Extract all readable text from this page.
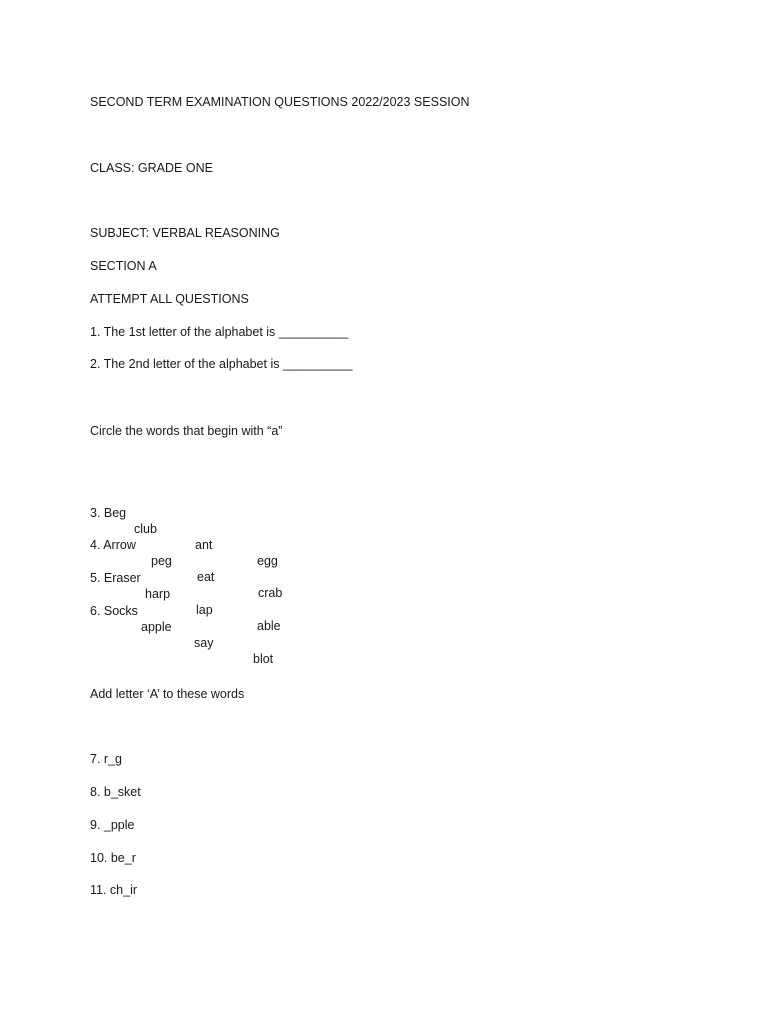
SECOND TERM EXAMINATION QUESTIONS 2022/2023 SESSION
CLASS: GRADE ONE
SUBJECT: VERBAL REASONING
SECTION A
ATTEMPT ALL QUESTIONS
1. The 1st letter of the alphabet is __________
2. The 2nd letter of the alphabet is __________
Circle the words that begin with “a”

3. Beg

club

ant

egg

4. Arrow

peg

eat

crab

5. Eraser

harp

lap

able

6. Socks

apple

say

blot

Add letter ‘A’ to these words
7. r_g
8. b_sket
9. _pple
10. be_r
11. ch_ir
